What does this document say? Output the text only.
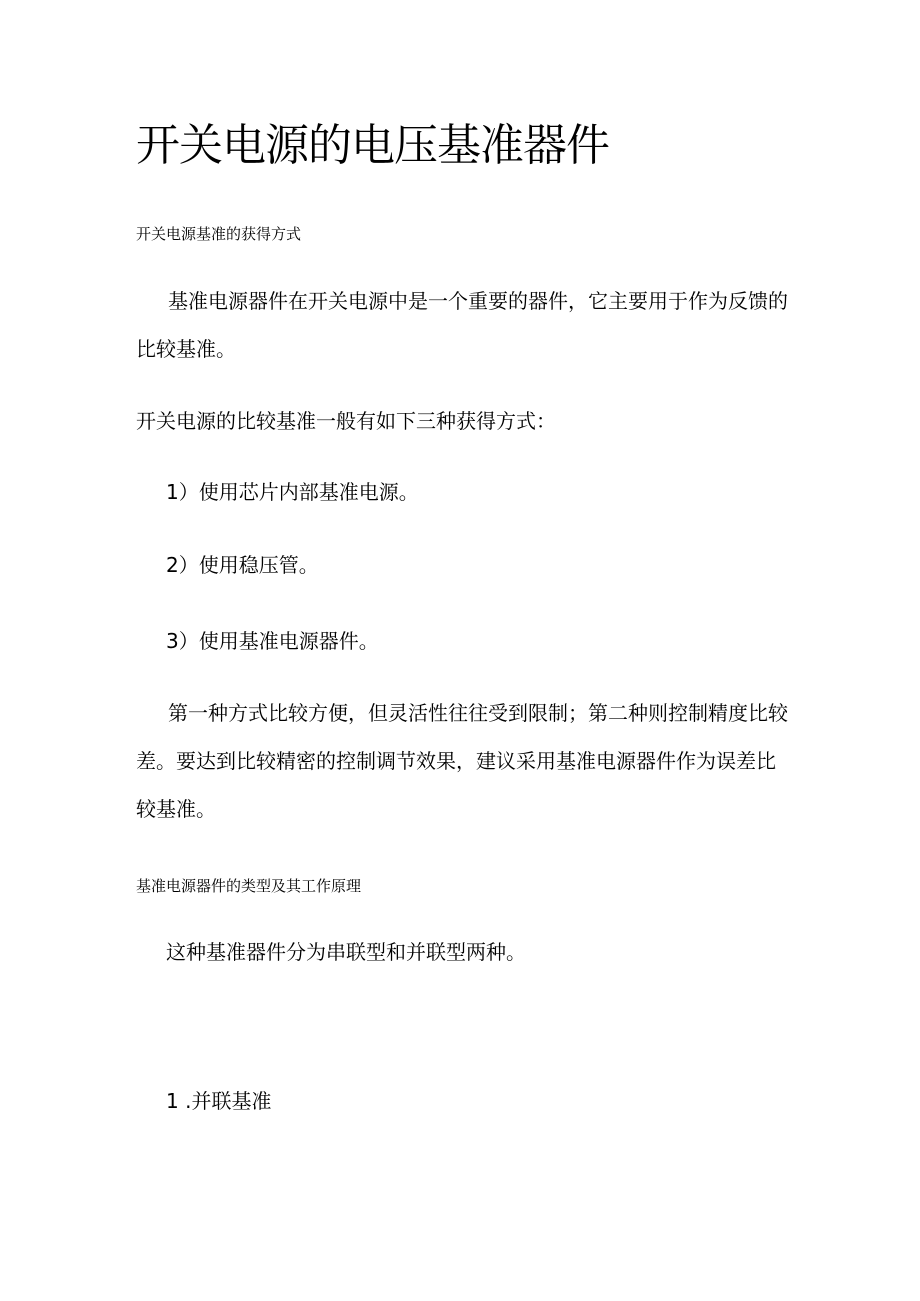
开关电源的电压基准器件
开关电源基准的获得方式

基准电源器件在开关电源中是一个重要的器件，它主要用于作为反馈的比较基准。

开关电源的比较基准一般有如下三种获得方式：

1）使用芯片内部基准电源。

2）使用稳压管。

3）使用基准电源器件。

第一种方式比较方便，但灵活性往往受到限制；第二种则控制精度比较差。要达到比较精密的控制调节效果，建议采用基准电源器件作为误差比较基准。

基准电源器件的类型及其工作原理

这种基准器件分为串联型和并联型两种。

1 .并联基准
